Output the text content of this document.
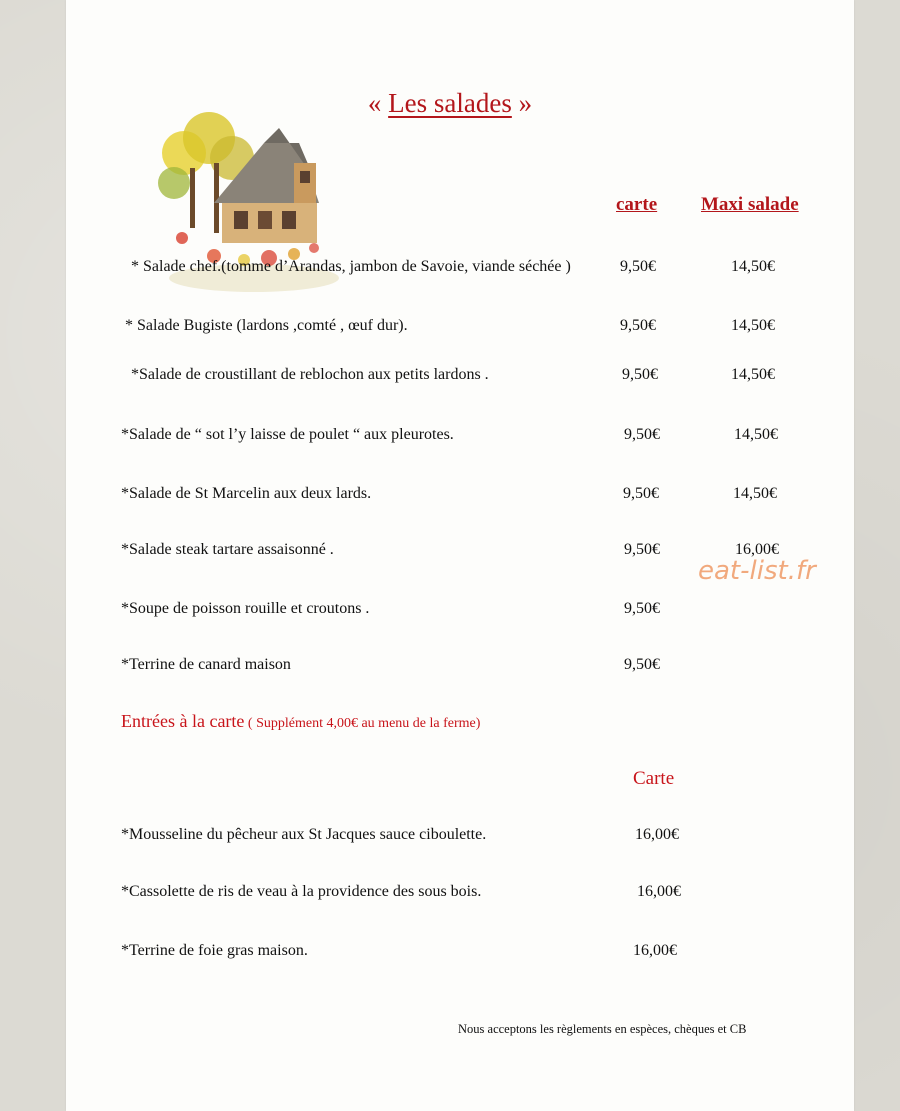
« Les salades »
carte Maxi salade
* Salade chef.(tomme d’Arandas, jambon de Savoie, viande séchée )	9,50€	14,50€
* Salade Bugiste (lardons ,comté , œuf dur).	9,50€	14,50€
*Salade de croustillant de reblochon aux petits lardons .	9,50€	14,50€
*Salade de “ sot l’y laisse de poulet “ aux pleurotes.	9,50€	14,50€
*Salade de St Marcelin aux deux lards.	9,50€	14,50€
*Salade steak tartare assaisonné .	9,50€	16,00€
*Soupe de poisson rouille et croutons .	9,50€
*Terrine de canard maison	9,50€
eat-list.fr
Entrées à la carte ( Supplément 4,00€ au menu de la ferme)
Carte
*Mousseline du pêcheur aux St Jacques sauce ciboulette.	16,00€
*Cassolette de ris de veau à la providence des sous bois.	16,00€
*Terrine de foie gras maison.	16,00€
Nous acceptons les règlements en espèces, chèques et CB
